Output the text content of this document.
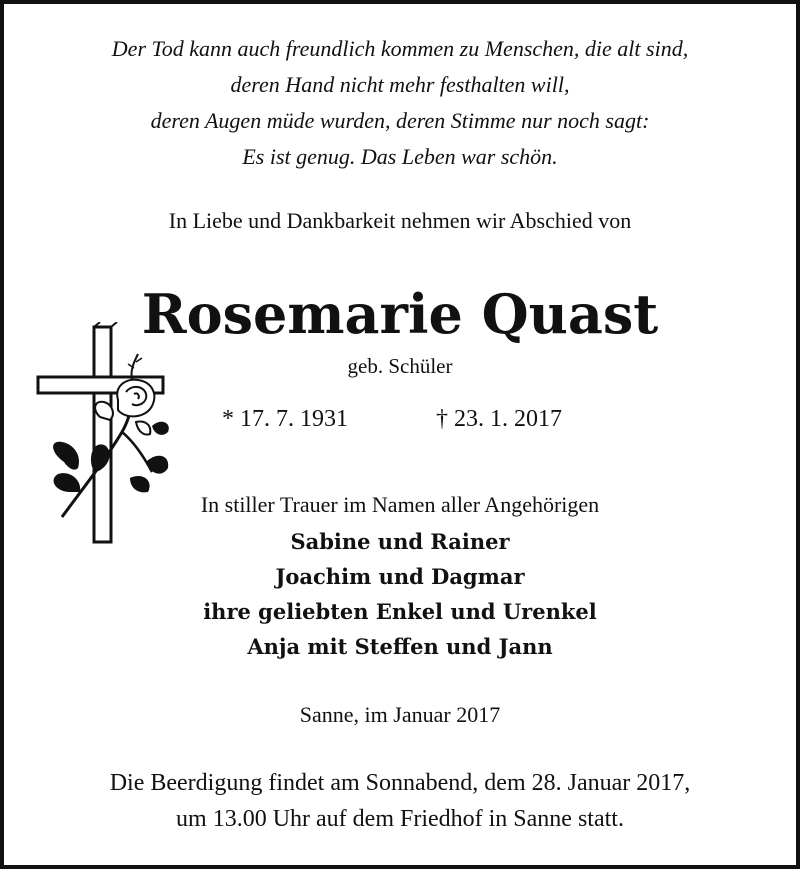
Der Tod kann auch freundlich kommen zu Menschen, die alt sind,
deren Hand nicht mehr festhalten will,
deren Augen müde wurden, deren Stimme nur noch sagt:
Es ist genug. Das Leben war schön.
In Liebe und Dankbarkeit nehmen wir Abschied von
Rosemarie Quast
geb. Schüler
* 17. 7. 1931	† 23. 1. 2017
In stiller Trauer im Namen aller Angehörigen
Sabine und Rainer
Joachim und Dagmar
ihre geliebten Enkel und Urenkel
Anja mit Steffen und Jann
Sanne, im Januar 2017
Die Beerdigung findet am Sonnabend, dem 28. Januar 2017,
um 13.00 Uhr auf dem Friedhof in Sanne statt.
